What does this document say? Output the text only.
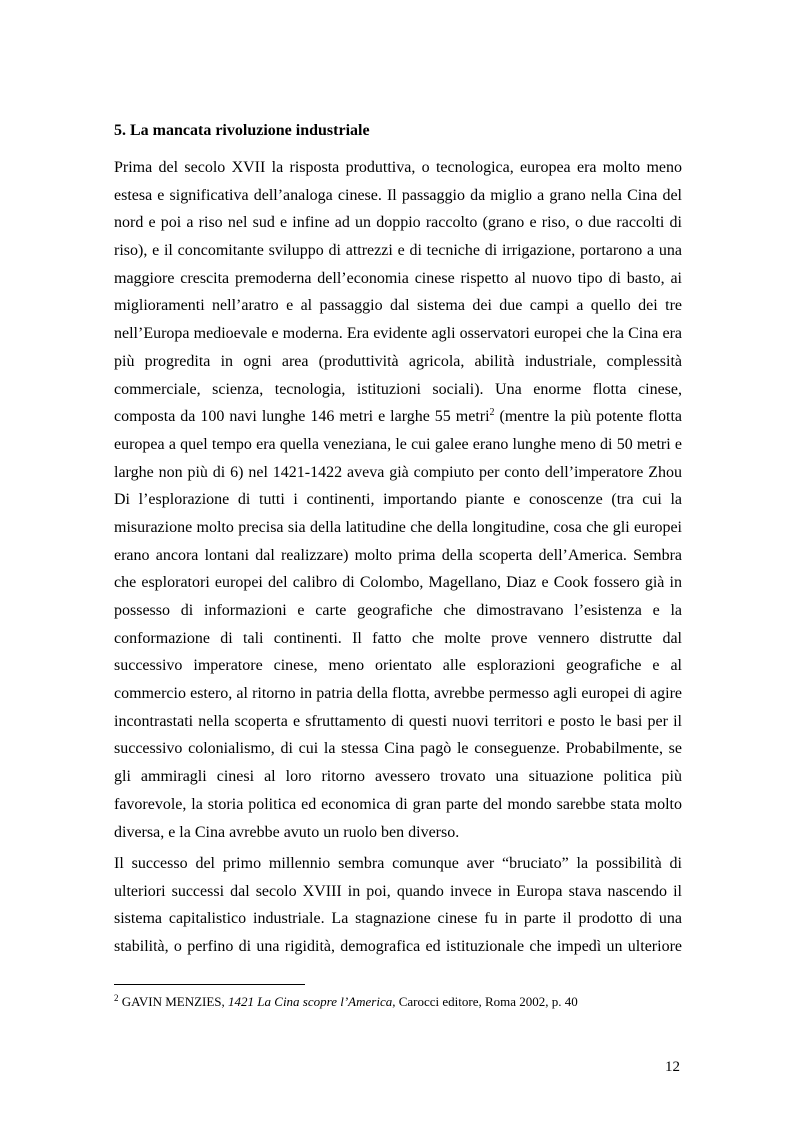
5. La mancata rivoluzione industriale
Prima del secolo XVII la risposta produttiva, o tecnologica, europea era molto meno
estesa e significativa dell’analoga cinese. Il passaggio da miglio a grano nella Cina del
nord e poi a riso nel sud e infine ad un doppio raccolto (grano e riso, o due raccolti di
riso), e il concomitante sviluppo di attrezzi e di tecniche di irrigazione, portarono a una
maggiore crescita premoderna dell’economia cinese rispetto al nuovo tipo di basto, ai
miglioramenti nell’aratro e al passaggio dal sistema dei due campi a quello dei tre
nell’Europa medioevale e moderna. Era evidente agli osservatori europei che la Cina era
più progredita in ogni area (produttività agricola, abilità industriale, complessità
commerciale, scienza, tecnologia, istituzioni sociali). Una enorme flotta cinese,
composta da 100 navi lunghe 146 metri e larghe 55 metri$^2$ (mentre la più potente flotta
europea a quel tempo era quella veneziana, le cui galee erano lunghe meno di 50 metri e
larghe non più di 6) nel 1421-1422 aveva già compiuto per conto dell’imperatore Zhou
Di l’esplorazione di tutti i continenti, importando piante e conoscenze (tra cui la
misurazione molto precisa sia della latitudine che della longitudine, cosa che gli europei
erano ancora lontani dal realizzare) molto prima della scoperta dell’America. Sembra
che esploratori europei del calibro di Colombo, Magellano, Diaz e Cook fossero già in
possesso di informazioni e carte geografiche che dimostravano l’esistenza e la
conformazione di tali continenti. Il fatto che molte prove vennero distrutte dal
successivo imperatore cinese, meno orientato alle esplorazioni geografiche e al
commercio estero, al ritorno in patria della flotta, avrebbe permesso agli europei di agire
incontrastati nella scoperta e sfruttamento di questi nuovi territori e posto le basi per il
successivo colonialismo, di cui la stessa Cina pagò le conseguenze. Probabilmente, se
gli ammiragli cinesi al loro ritorno avessero trovato una situazione politica più
favorevole, la storia politica ed economica di gran parte del mondo sarebbe stata molto
diversa, e la Cina avrebbe avuto un ruolo ben diverso.
Il successo del primo millennio sembra comunque aver “bruciato” la possibilità di
ulteriori successi dal secolo XVIII in poi, quando invece in Europa stava nascendo il
sistema capitalistico industriale. La stagnazione cinese fu in parte il prodotto di una
stabilità, o perfino di una rigidità, demografica ed istituzionale che impedì un ulteriore

$^2$ GAVIN MENZIES, 1421 La Cina scopre l’America, Carocci editore, Roma 2002, p. 40

12
